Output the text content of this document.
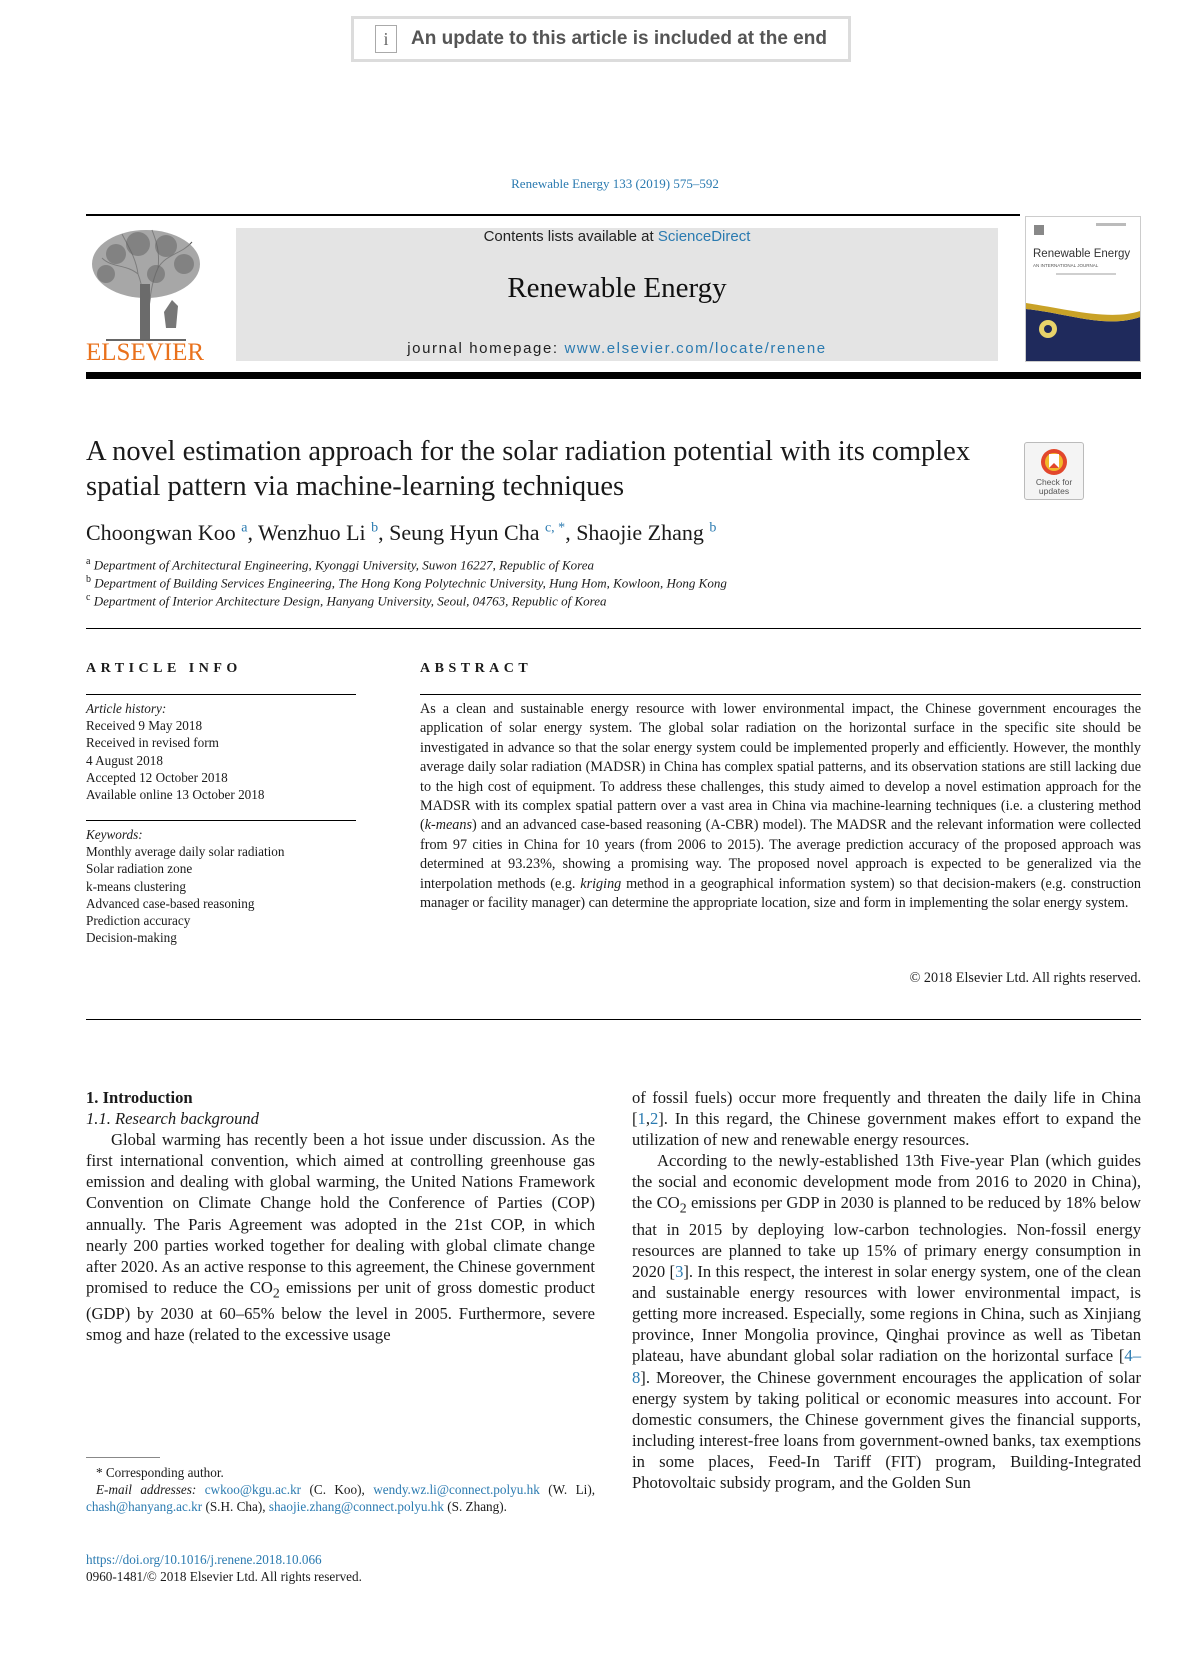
i	An update to this article is included at the end
Renewable Energy 133 (2019) 575–592
ELSEVIER
Contents lists available at ScienceDirect
Renewable Energy
journal homepage: www.elsevier.com/locate/renene
Renewable Energy
AN INTERNATIONAL JOURNAL
A novel estimation approach for the solar radiation potential with its complex spatial pattern via machine-learning techniques	Check for
updates
Choongwan Koo $^a$, Wenzhuo Li $^b$, Seung Hyun Cha $^{c, *}$, Shaojie Zhang $^b$
$^a$ Department of Architectural Engineering, Kyonggi University, Suwon 16227, Republic of Korea
$^b$ Department of Building Services Engineering, The Hong Kong Polytechnic University, Hung Hom, Kowloon, Hong Kong
$^c$ Department of Interior Architecture Design, Hanyang University, Seoul, 04763, Republic of Korea
ARTICLE INFO	ABSTRACT
Article history:
Received 9 May 2018
Received in revised form
4 August 2018
Accepted 12 October 2018
Available online 13 October 2018
Keywords:
Monthly average daily solar radiation
Solar radiation zone
k-means clustering
Advanced case-based reasoning
Prediction accuracy
Decision-making
As a clean and sustainable energy resource with lower environmental impact, the Chinese government encourages the application of solar energy system. The global solar radiation on the horizontal surface in the specific site should be investigated in advance so that the solar energy system could be implemented properly and efficiently. However, the monthly average daily solar radiation (MADSR) in China has complex spatial patterns, and its observation stations are still lacking due to the high cost of equipment. To address these challenges, this study aimed to develop a novel estimation approach for the MADSR with its complex spatial pattern over a vast area in China via machine-learning techniques (i.e. a clustering method (k-means) and an advanced case-based reasoning (A-CBR) model). The MADSR and the relevant information were collected from 97 cities in China for 10 years (from 2006 to 2015). The average prediction accuracy of the proposed approach was determined at 93.23%, showing a promising way. The proposed novel approach is expected to be generalized via the interpolation methods (e.g. kriging method in a geographical information system) so that decision-makers (e.g. construction manager or facility manager) can determine the appropriate location, size and form in implementing the solar energy system.
© 2018 Elsevier Ltd. All rights reserved.

1. Introduction

1.1. Research background

Global warming has recently been a hot issue under discussion. As the first international convention, which aimed at controlling greenhouse gas emission and dealing with global warming, the United Nations Framework Convention on Climate Change hold the Conference of Parties (COP) annually. The Paris Agreement was adopted in the 21st COP, in which nearly 200 parties worked together for dealing with global climate change after 2020. As an active response to this agreement, the Chinese government promised to reduce the $CO_2$ emissions per unit of gross domestic product (GDP) by 2030 at 60–65% below the level in 2005. Furthermore, severe smog and haze (related to the excessive usage

of fossil fuels) occur more frequently and threaten the daily life in China [1,2]. In this regard, the Chinese government makes effort to expand the utilization of new and renewable energy resources.

According to the newly-established 13th Five-year Plan (which guides the social and economic development mode from 2016 to 2020 in China), the $CO_2$ emissions per GDP in 2030 is planned to be reduced by 18% below that in 2015 by deploying low-carbon technologies. Non-fossil energy resources are planned to take up 15% of primary energy consumption in 2020 [3]. In this respect, the interest in solar energy system, one of the clean and sustainable energy resources with lower environmental impact, is getting more increased. Especially, some regions in China, such as Xinjiang province, Inner Mongolia province, Qinghai province as well as Tibetan plateau, have abundant global solar radiation on the horizontal surface [4–8]. Moreover, the Chinese government encourages the application of solar energy system by taking political or economic measures into account. For domestic consumers, the Chinese government gives the financial supports, including interest-free loans from government-owned banks, tax exemptions in some places, Feed-In Tariff (FIT) program, Building-Integrated Photovoltaic subsidy program, and the Golden Sun

* Corresponding author.
E-mail addresses: cwkoo@kgu.ac.kr (C. Koo), wendy.wz.li@connect.polyu.hk (W. Li), chash@hanyang.ac.kr (S.H. Cha), shaojie.zhang@connect.polyu.hk (S. Zhang).
https://doi.org/10.1016/j.renene.2018.10.066
0960-1481/© 2018 Elsevier Ltd. All rights reserved.
